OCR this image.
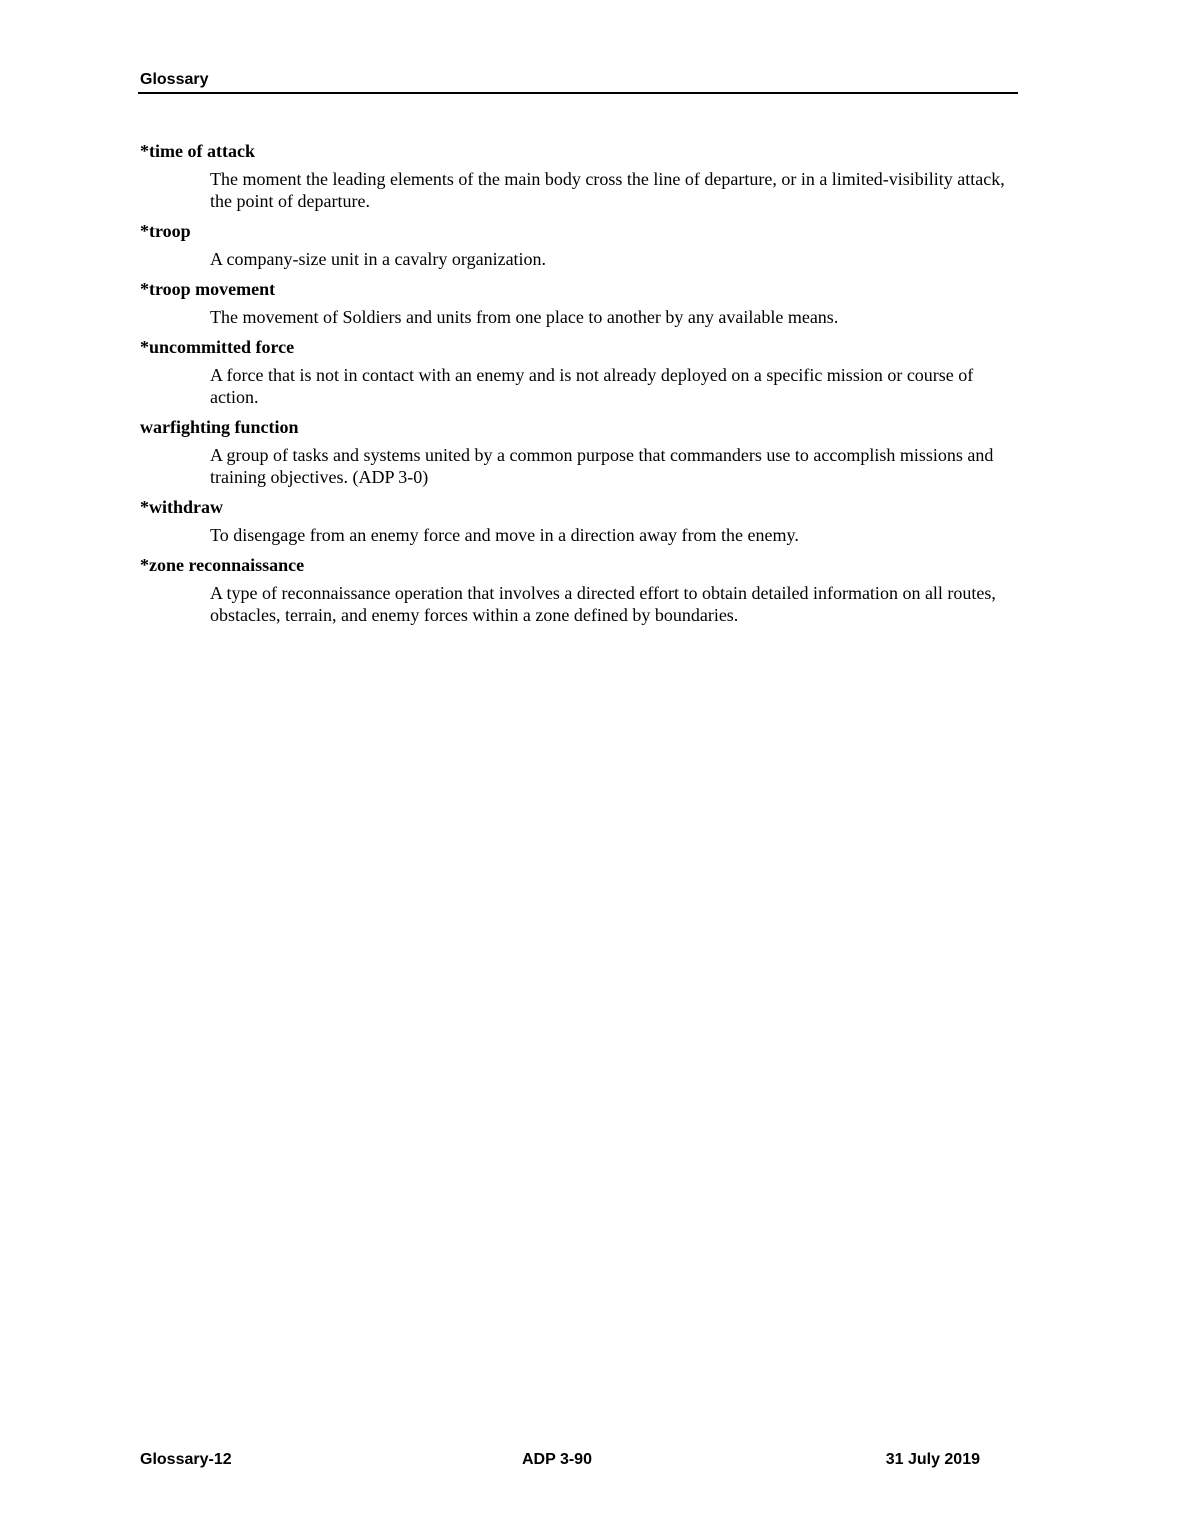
Glossary
*time of attack
The moment the leading elements of the main body cross the line of departure, or in a limited-visibility attack, the point of departure.
*troop
A company-size unit in a cavalry organization.
*troop movement
The movement of Soldiers and units from one place to another by any available means.
*uncommitted force
A force that is not in contact with an enemy and is not already deployed on a specific mission or course of action.
warfighting function
A group of tasks and systems united by a common purpose that commanders use to accomplish missions and training objectives. (ADP 3-0)
*withdraw
To disengage from an enemy force and move in a direction away from the enemy.
*zone reconnaissance
A type of reconnaissance operation that involves a directed effort to obtain detailed information on all routes, obstacles, terrain, and enemy forces within a zone defined by boundaries.
Glossary-12	ADP 3-90	31 July 2019
